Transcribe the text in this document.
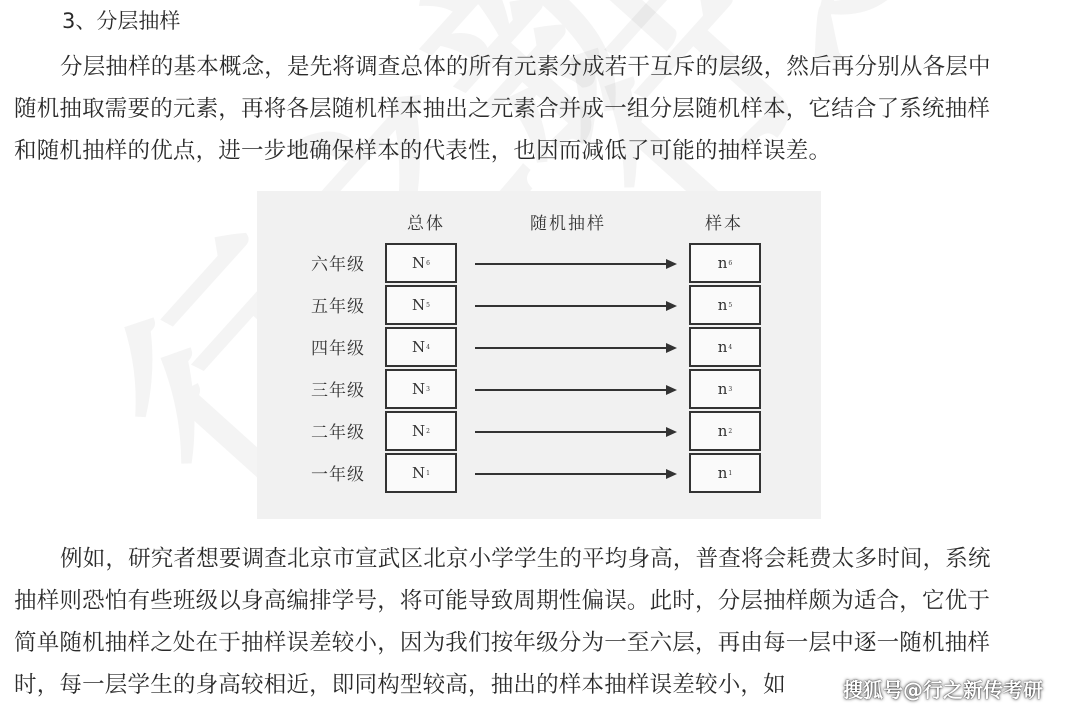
3、分层抽样
分层抽样的基本概念，是先将调查总体的所有元素分成若干互斥的层级，然后再分别从各层中
随机抽取需要的元素，再将各层随机样本抽出之元素合并成一组分层随机样本，它结合了系统抽样
和随机抽样的优点，进一步地确保样本的代表性，也因而减低了可能的抽样误差。
总体	随机抽样	样本
六年级	N 6	n 6
五年级	N 5	n 5
四年级	N 4	n 4
三年级	N 3	n 3
二年级	N 2	n 2
一年级	N 1	n 1
例如，研究者想要调查北京市宣武区北京小学学生的平均身高，普查将会耗费太多时间，系统
抽样则恐怕有些班级以身高编排学号，将可能导致周期性偏误。此时，分层抽样颇为适合，它优于
简单随机抽样之处在于抽样误差较小，因为我们按年级分为一至六层，再由每一层中逐一随机抽样
时，每一层学生的身高较相近，即同构型较高，抽出的样本抽样误差较小，如	搜狐号@行之新传考研
